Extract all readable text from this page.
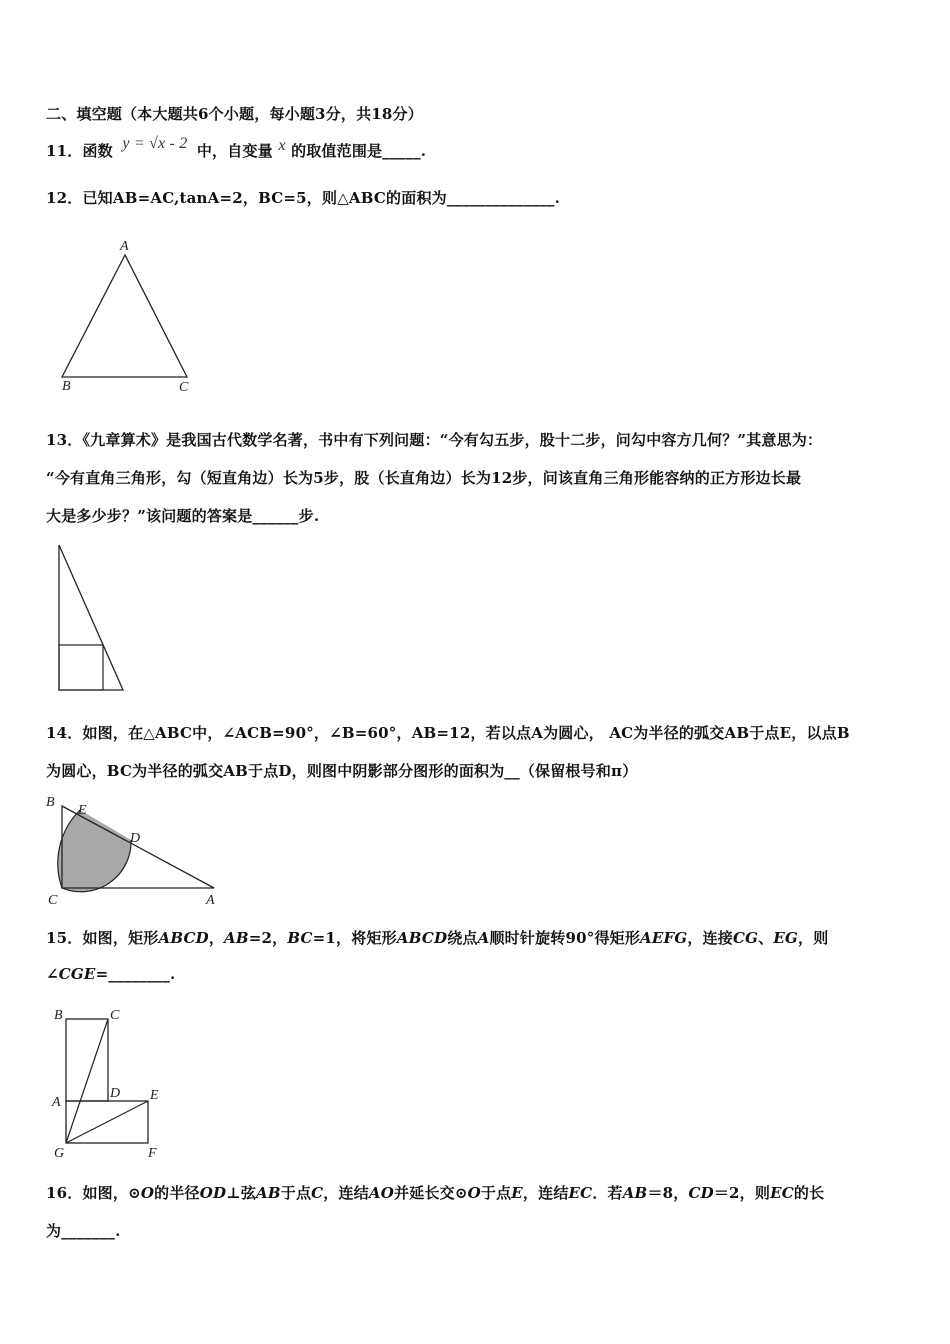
二、填空题（本大题共6个小题，每小题3分，共18分）
11．函数 y = √x - 2 中，自变量 x 的取值范围是_____.
12．已知AB=AC,tanA=2，BC=5，则△ABC的面积为______________.
A
B	C
13．《九章算术》是我国古代数学名著，书中有下列问题：“今有勾五步，股十二步，问勾中容方几何？”其意思为：
“今有直角三角形，勾（短直角边）长为5步，股（长直角边）长为12步，问该直角三角形能容纳的正方形边长最
大是多少步？”该问题的答案是______步.
14．如图，在△ABC中，∠ACB=90°，∠B=60°，AB=12，若以点A为圆心， AC为半径的弧交AB于点E，以点B
为圆心，BC为半径的弧交AB于点D，则图中阴影部分图形的面积为__（保留根号和π）
B
E
D
C	A
15．如图，矩形ABCD，AB=2，BC=1，将矩形ABCD绕点A顺时针旋转90°得矩形AEFG，连接CG、EG，则
∠CGE=________.
B	C
A
D E
G	F
16．如图，⊙O的半径OD⊥弦AB于点C，连结AO并延长交⊙O于点E，连结EC．若AB＝8，CD＝2，则EC的长
为_______.
